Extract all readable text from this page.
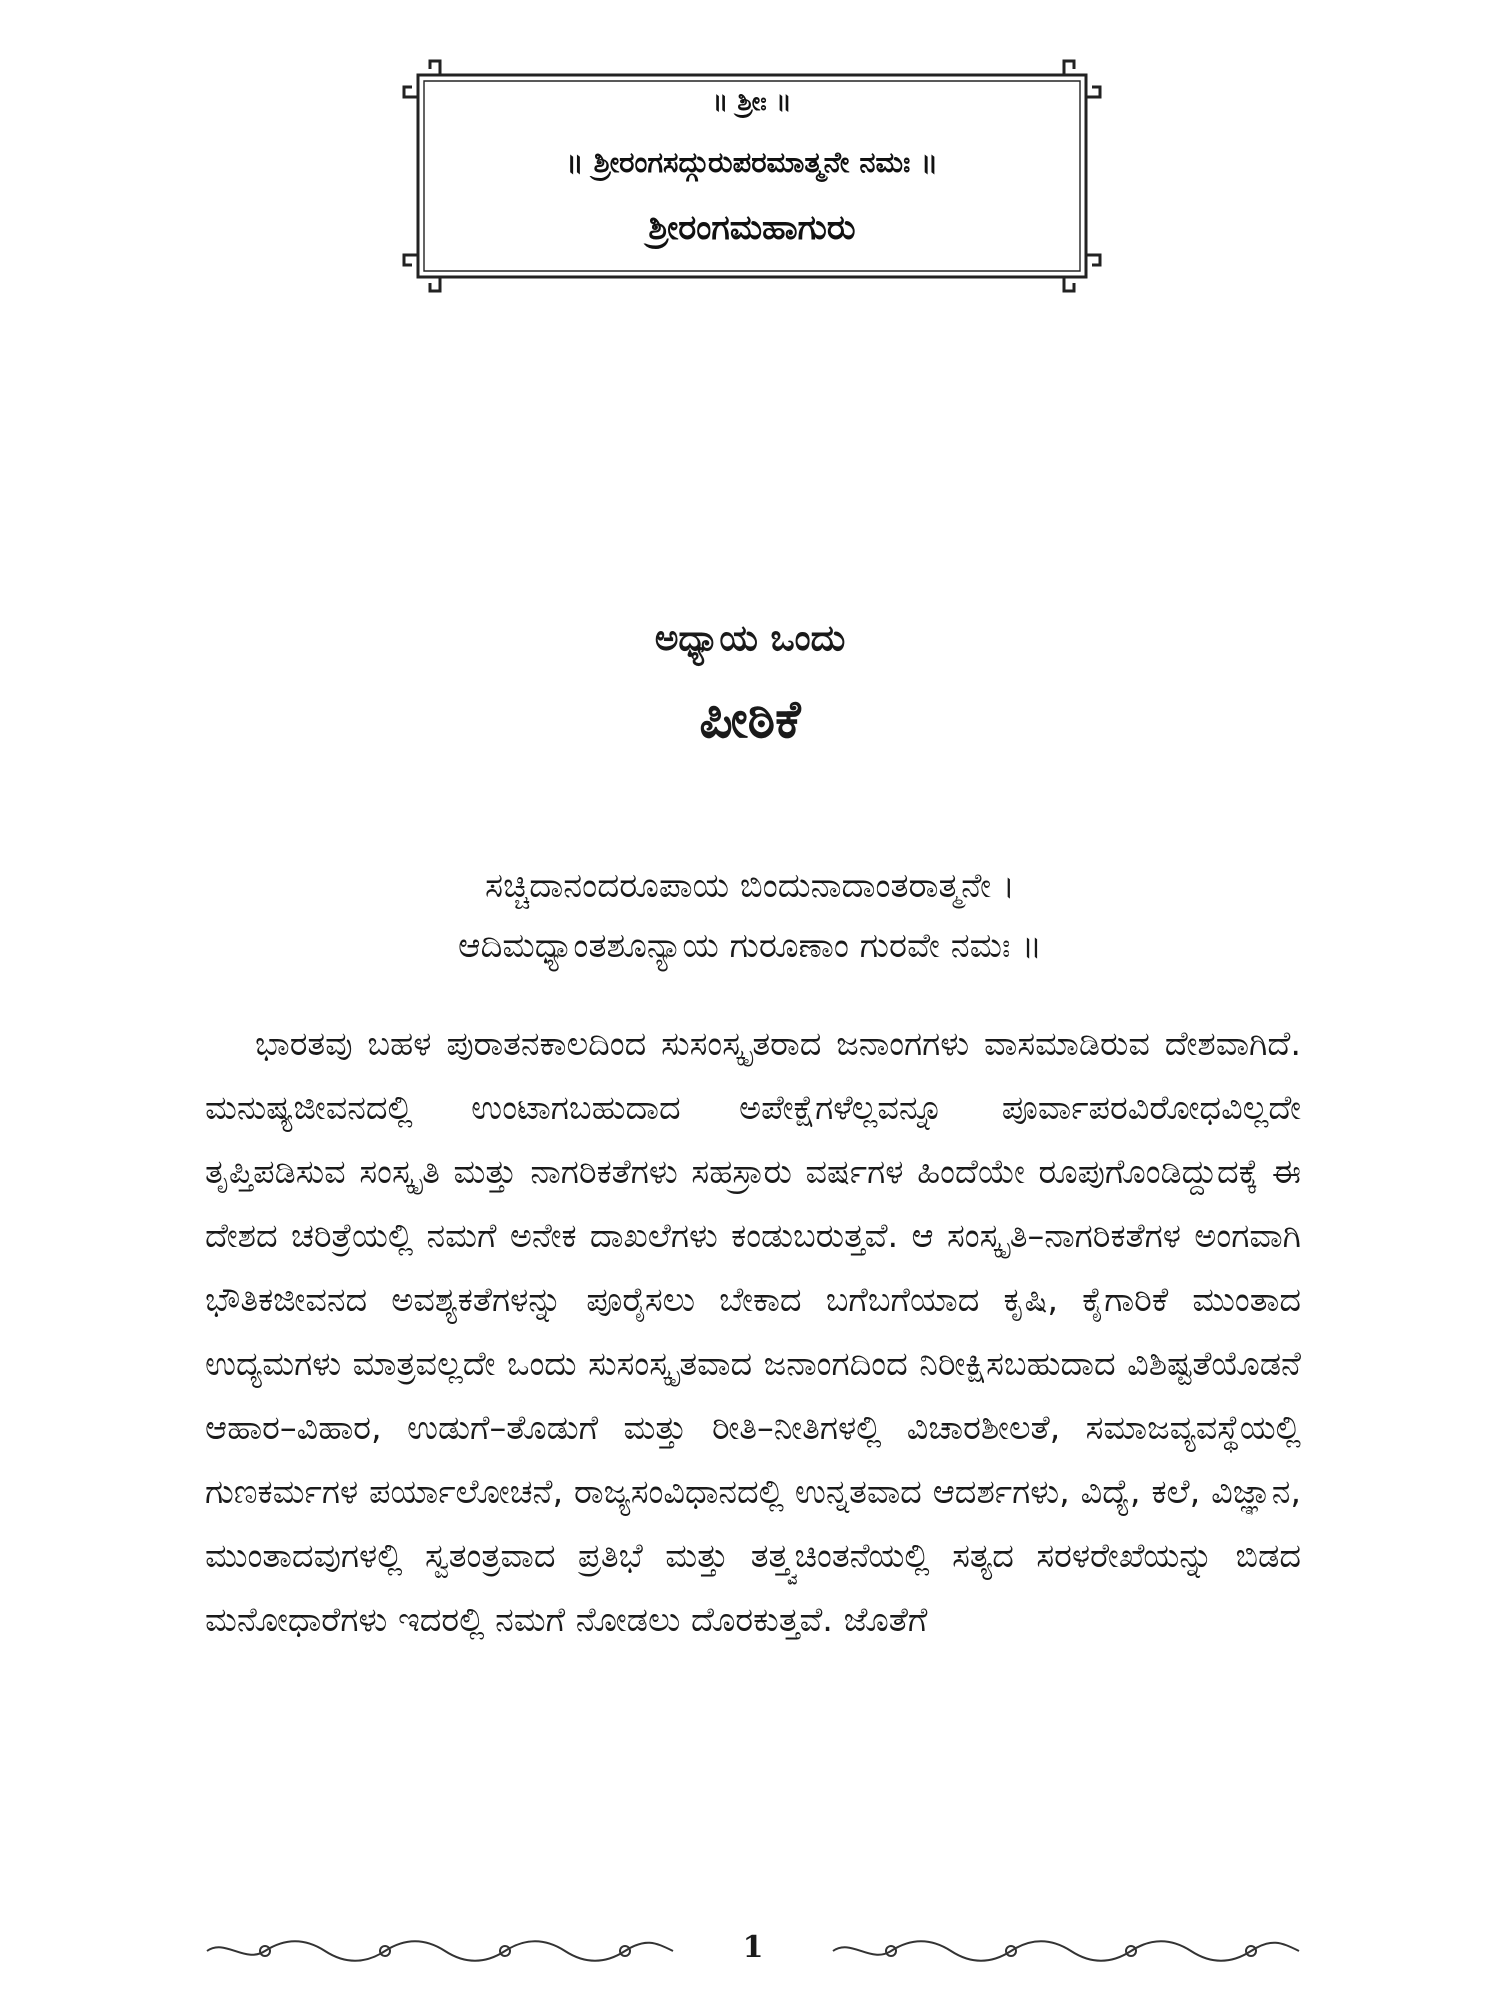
॥ ಶ್ರೀಃ ॥
॥ ಶ್ರೀರಂಗಸದ್ಗುರುಪರಮಾತ್ಮನೇ ನಮಃ ॥
ಶ್ರೀರಂಗಮಹಾಗುರು
ಅಧ್ಯಾಯ ಒಂದು
ಪೀಠಿಕೆ
ಸಚ್ಚಿದಾನಂದರೂಪಾಯ ಬಿಂದುನಾದಾಂತರಾತ್ಮನೇ ।
ಆದಿಮಧ್ಯಾಂತಶೂನ್ಯಾಯ ಗುರೂಣಾಂ ಗುರವೇ ನಮಃ ॥
ಭಾರತವು ಬಹಳ ಪುರಾತನಕಾಲದಿಂದ ಸುಸಂಸ್ಕೃತರಾದ ಜನಾಂಗಗಳು ವಾಸಮಾಡಿರುವ ದೇಶವಾಗಿದೆ. ಮನುಷ್ಯಜೀವನದಲ್ಲಿ ಉಂಟಾಗಬಹುದಾದ ಅಪೇಕ್ಷೆಗಳೆಲ್ಲವನ್ನೂ ಪೂರ್ವಾಪರವಿರೋಧವಿಲ್ಲದೇ ತೃಪ್ತಿಪಡಿಸುವ ಸಂಸ್ಕೃತಿ ಮತ್ತು ನಾಗರಿಕತೆಗಳು ಸಹಸ್ರಾರು ವರ್ಷಗಳ ಹಿಂದೆಯೇ ರೂಪುಗೊಂಡಿದ್ದುದಕ್ಕೆ ಈ ದೇಶದ ಚರಿತ್ರೆಯಲ್ಲಿ ನಮಗೆ ಅನೇಕ ದಾಖಲೆಗಳು ಕಂಡುಬರುತ್ತವೆ. ಆ ಸಂಸ್ಕೃತಿ–ನಾಗರಿಕತೆಗಳ ಅಂಗವಾಗಿ ಭೌತಿಕಜೀವನದ ಅವಶ್ಯಕತೆಗಳನ್ನು ಪೂರೈಸಲು ಬೇಕಾದ ಬಗೆಬಗೆಯಾದ ಕೃಷಿ, ಕೈಗಾರಿಕೆ ಮುಂತಾದ ಉದ್ಯಮಗಳು ಮಾತ್ರವಲ್ಲದೇ ಒಂದು ಸುಸಂಸ್ಕೃತವಾದ ಜನಾಂಗದಿಂದ ನಿರೀಕ್ಷಿಸಬಹುದಾದ ವಿಶಿಷ್ಟತೆಯೊಡನೆ ಆಹಾರ–ವಿಹಾರ, ಉಡುಗೆ–ತೊಡುಗೆ ಮತ್ತು ರೀತಿ–ನೀತಿಗಳಲ್ಲಿ ವಿಚಾರಶೀಲತೆ, ಸಮಾಜವ್ಯವಸ್ಥೆಯಲ್ಲಿ ಗುಣಕರ್ಮಗಳ ಪರ್ಯಾಲೋಚನೆ, ರಾಜ್ಯಸಂವಿಧಾನದಲ್ಲಿ ಉನ್ನತವಾದ ಆದರ್ಶಗಳು, ವಿದ್ಯೆ, ಕಲೆ, ವಿಜ್ಞಾನ, ಮುಂತಾದವುಗಳಲ್ಲಿ ಸ್ವತಂತ್ರವಾದ ಪ್ರತಿಭೆ ಮತ್ತು ತತ್ತ್ವಚಿಂತನೆಯಲ್ಲಿ ಸತ್ಯದ ಸರಳರೇಖೆಯನ್ನು ಬಿಡದ ಮನೋಧಾರೆಗಳು ಇದರಲ್ಲಿ ನಮಗೆ ನೋಡಲು ದೊರಕುತ್ತವೆ. ಜೊತೆಗೆ
1
